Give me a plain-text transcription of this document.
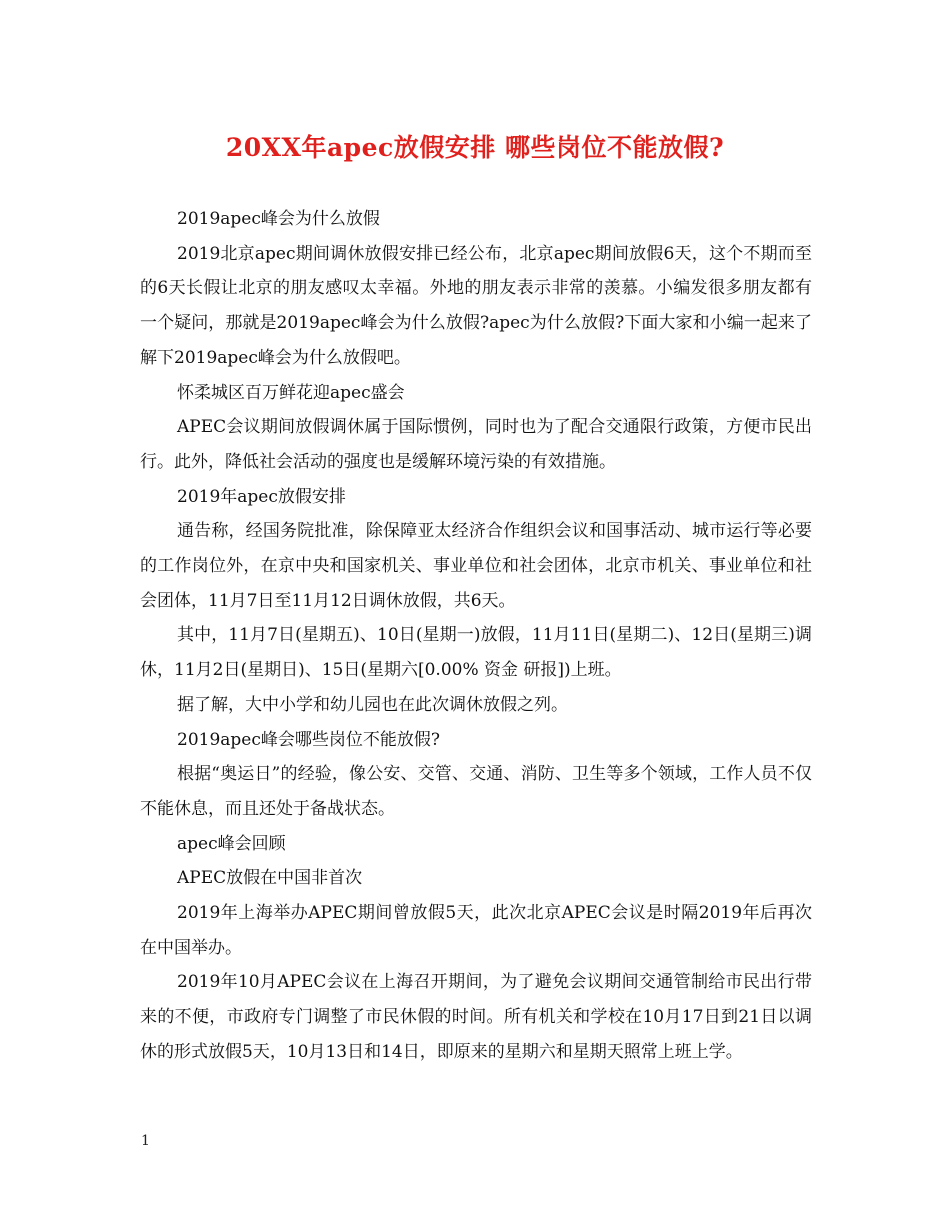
20XX年apec放假安排 哪些岗位不能放假?

2019apec峰会为什么放假

2019北京apec期间调休放假安排已经公布，北京apec期间放假6天，这个不期而至的6天长假让北京的朋友感叹太幸福。外地的朋友表示非常的羡慕。小编发很多朋友都有一个疑问，那就是2019apec峰会为什么放假?apec为什么放假?下面大家和小编一起来了解下2019apec峰会为什么放假吧。

怀柔城区百万鲜花迎apec盛会

APEC会议期间放假调休属于国际惯例，同时也为了配合交通限行政策，方便市民出行。此外，降低社会活动的强度也是缓解环境污染的有效措施。

2019年apec放假安排

通告称，经国务院批准，除保障亚太经济合作组织会议和国事活动、城市运行等必要的工作岗位外，在京中央和国家机关、事业单位和社会团体，北京市机关、事业单位和社会团体，11月7日至11月12日调休放假，共6天。

其中，11月7日(星期五)、10日(星期一)放假，11月11日(星期二)、12日(星期三)调休，11月2日(星期日)、15日(星期六[0.00% 资金 研报])上班。

据了解，大中小学和幼儿园也在此次调休放假之列。

2019apec峰会哪些岗位不能放假?

根据“奥运日”的经验，像公安、交管、交通、消防、卫生等多个领域，工作人员不仅不能休息，而且还处于备战状态。

apec峰会回顾

APEC放假在中国非首次

2019年上海举办APEC期间曾放假5天，此次北京APEC会议是时隔2019年后再次在中国举办。

2019年10月APEC会议在上海召开期间，为了避免会议期间交通管制给市民出行带来的不便，市政府专门调整了市民休假的时间。所有机关和学校在10月17日到21日以调休的形式放假5天，10月13日和14日，即原来的星期六和星期天照常上班上学。

1
